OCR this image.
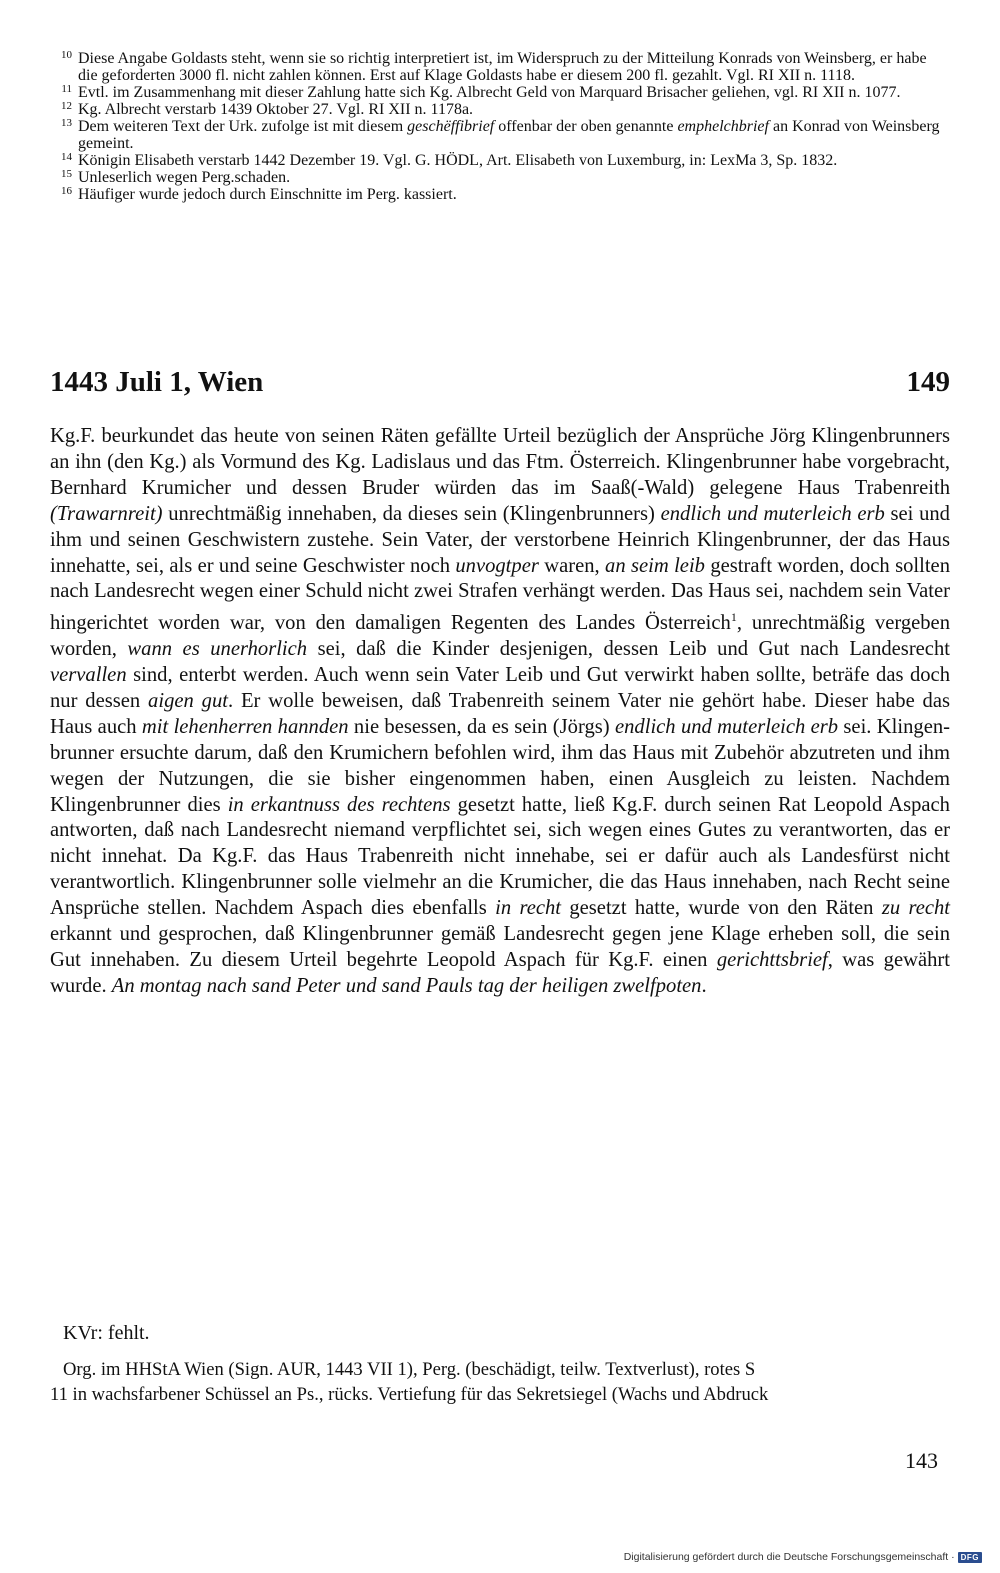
10 Diese Angabe Goldasts steht, wenn sie so richtig interpretiert ist, im Widerspruch zu der Mitteilung Konrads von Weinsberg, er habe die geforderten 3000 fl. nicht zahlen können. Erst auf Klage Goldasts habe er diesem 200 fl. gezahlt. Vgl. RI XII n. 1118.
11 Evtl. im Zusammenhang mit dieser Zahlung hatte sich Kg. Albrecht Geld von Marquard Brisacher geliehen, vgl. RI XII n. 1077.
12 Kg. Albrecht verstarb 1439 Oktober 27. Vgl. RI XII n. 1178a.
13 Dem weiteren Text der Urk. zufolge ist mit diesem geschëffibrief offenbar der oben genannte emphelchbrief an Konrad von Weinsberg gemeint.
14 Königin Elisabeth verstarb 1442 Dezember 19. Vgl. G. HÖDL, Art. Elisabeth von Luxemburg, in: LexMa 3, Sp. 1832.
15 Unleserlich wegen Perg.schaden.
16 Häufiger wurde jedoch durch Einschnitte im Perg. kassiert.
1443 Juli 1, Wien	149
Kg.F. beurkundet das heute von seinen Räten gefällte Urteil bezüglich der Ansprüche Jörg Klingenbrunners an ihn (den Kg.) als Vormund des Kg. Ladislaus und das Ftm. Österreich. Klingenbrunner habe vorgebracht, Bernhard Krumicher und dessen Bruder würden das im Saaß(-Wald) gelegene Haus Trabenreith (Trawarnreit) unrechtmäßig innehaben, da dieses sein (Klingenbrunners) endlich und muterleich erb sei und ihm und seinen Geschwistern zustehe. Sein Vater, der verstorbene Heinrich Klingenbrunner, der das Haus innehatte, sei, als er und seine Geschwister noch unvogtper waren, an seim leib gestraft worden, doch sollten nach Landesrecht wegen einer Schuld nicht zwei Strafen verhängt werden. Das Haus sei, nachdem sein Vater hingerichtet worden war, von den damaligen Regenten des Landes Österreich$^1$, unrechtmäßig vergeben worden, wann es unerhorlich sei, daß die Kinder desjenigen, dessen Leib und Gut nach Landesrecht vervallen sind, enterbt werden. Auch wenn sein Vater Leib und Gut verwirkt haben sollte, beträfe das doch nur dessen aigen gut. Er wolle beweisen, daß Trabenreith seinem Vater nie gehört habe. Dieser habe das Haus auch mit lehenherren hannden nie besessen, da es sein (Jörgs) endlich und muterleich erb sei. Klingenbrunner ersuchte darum, daß den Krumichern befohlen wird, ihm das Haus mit Zubehör abzutreten und ihm wegen der Nutzungen, die sie bisher eingenommen haben, einen Ausgleich zu leisten. Nachdem Klingenbrunner dies in erkantnuss des rechtens gesetzt hatte, ließ Kg.F. durch seinen Rat Leopold Aspach antworten, daß nach Landesrecht niemand verpflichtet sei, sich wegen eines Gutes zu verantworten, das er nicht innehat. Da Kg.F. das Haus Trabenreith nicht innehabe, sei er dafür auch als Landesfürst nicht verantwortlich. Klingenbrunner solle vielmehr an die Krumicher, die das Haus innehaben, nach Recht seine Ansprüche stellen. Nachdem Aspach dies ebenfalls in recht gesetzt hatte, wurde von den Räten zu recht erkannt und gesprochen, daß Klingenbrunner gemäß Landesrecht gegen jene Klage erheben soll, die sein Gut innehaben. Zu diesem Urteil begehrte Leopold Aspach für Kg.F. einen gerichttsbrief, was gewährt wurde. An montag nach sand Peter und sand Pauls tag der heiligen zwelfpoten.
KVr: fehlt.
Org. im HHStA Wien (Sign. AUR, 1443 VII 1), Perg. (beschädigt, teilw. Textverlust), rotes S
11 in wachsfarbener Schüssel an Ps., rücks. Vertiefung für das Sekretsiegel (Wachs und Abdruck
143
Digitalisierung gefördert durch die Deutsche Forschungsgemeinschaft · DFG
